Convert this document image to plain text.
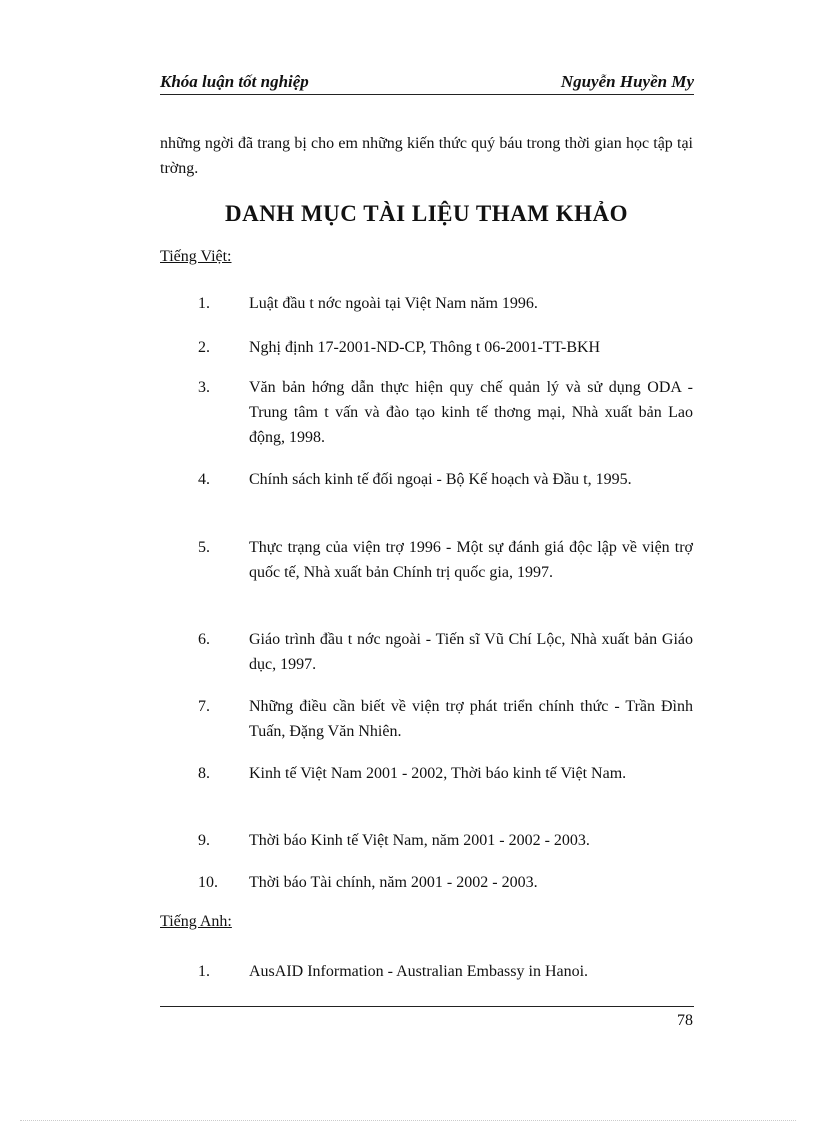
Khóa luận tốt nghiệp	Nguyễn Huyền My
những ngời đã trang bị cho em những kiến thức quý báu trong thời gian học tập tại trờng.
DANH MỤC TÀI LIỆU THAM KHẢO
Tiếng Việt:
1. Luật đầu t nớc ngoài tại Việt Nam năm 1996.
2. Nghị định 17-2001-ND-CP, Thông t 06-2001-TT-BKH
3. Văn bản hớng dẫn thực hiện quy chế quản lý và sử dụng ODA - Trung tâm t vấn và đào tạo kinh tế thơng mại, Nhà xuất bản Lao động, 1998.
4. Chính sách kinh tế đối ngoại - Bộ Kế hoạch và Đầu t, 1995.
5. Thực trạng của viện trợ 1996 - Một sự đánh giá độc lập về viện trợ quốc tế, Nhà xuất bản Chính trị quốc gia, 1997.
6. Giáo trình đầu t nớc ngoài - Tiến sĩ Vũ Chí Lộc, Nhà xuất bản Giáo dục, 1997.
7. Những điều cần biết về viện trợ phát triển chính thức - Trần Đình Tuấn, Đặng Văn Nhiên.
8. Kinh tế Việt Nam 2001 - 2002, Thời báo kinh tế Việt Nam.
9. Thời báo Kinh tế Việt Nam, năm 2001 - 2002 - 2003.
10. Thời báo Tài chính, năm 2001 - 2002 - 2003.
Tiếng Anh:
1. AusAID Information - Australian Embassy in Hanoi.
78
